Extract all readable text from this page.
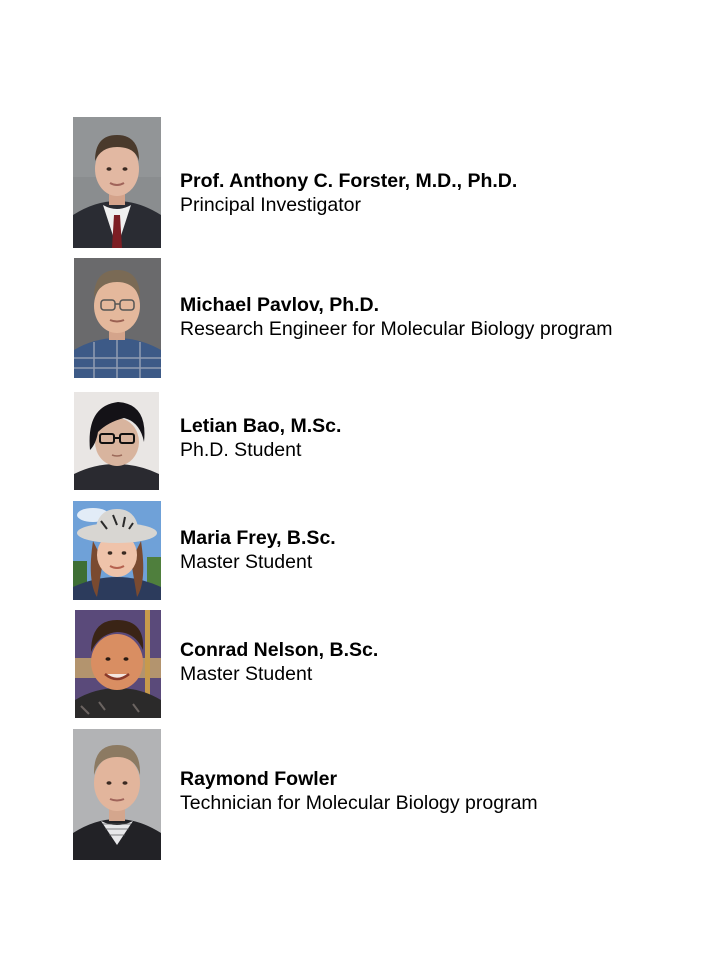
Prof. Anthony C. Forster, M.D., Ph.D.
Principal Investigator
Michael Pavlov, Ph.D.
Research Engineer for Molecular Biology program
Letian Bao, M.Sc.
Ph.D. Student
Maria Frey, B.Sc.
Master Student
Conrad Nelson, B.Sc.
Master Student
Raymond Fowler
Technician for Molecular Biology program
